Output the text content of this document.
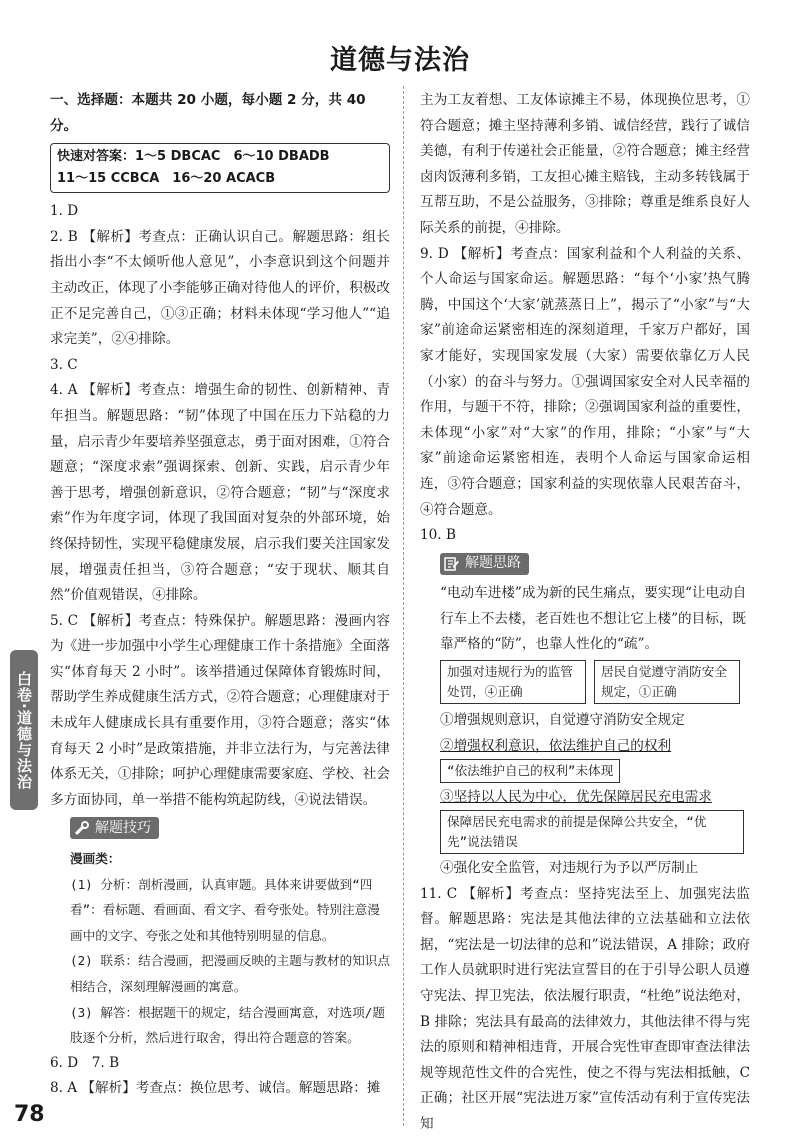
道德与法治
一、选择题：本题共 20 小题，每小题 2 分，共 40 分。
快速对答案：1～5 DBCAC　6～10 DBADB
11～15 CCBCA　16～20 ACACB

1. D

2. B 【解析】考查点：正确认识自己。解题思路：组长指出小李“不太倾听他人意见”，小李意识到这个问题并主动改正，体现了小李能够正确对待他人的评价，积极改正不足完善自己，①③正确；材料未体现“学习他人”“追求完美”，②④排除。

3. C

4. A 【解析】考查点：增强生命的韧性、创新精神、青年担当。解题思路：“韧”体现了中国在压力下站稳的力量，启示青少年要培养坚强意志，勇于面对困难，①符合题意；“深度求索”强调探索、创新、实践，启示青少年善于思考，增强创新意识，②符合题意；“韧”与“深度求索”作为年度字词，体现了我国面对复杂的外部环境，始终保持韧性，实现平稳健康发展，启示我们要关注国家发展，增强责任担当，③符合题意；“安于现状、顺其自然”价值观错误，④排除。

5. C 【解析】考查点：特殊保护。解题思路：漫画内容为《进一步加强中小学生心理健康工作十条措施》全面落实“体育每天 2 小时”。该举措通过保障体育锻炼时间，帮助学生养成健康生活方式，②符合题意；心理健康对于未成年人健康成长具有重要作用，③符合题意；落实“体育每天 2 小时”是政策措施，并非立法行为，与完善法律体系无关，①排除；呵护心理健康需要家庭、学校、社会多方面协同，单一举措不能构筑起防线，④说法错误。

解题技巧

漫画类：

(1) 分析：剖析漫画，认真审题。具体来讲要做到“四看”：看标题、看画面、看文字、看夸张处。特别注意漫画中的文字、夸张之处和其他特别明显的信息。

(2) 联系：结合漫画，把漫画反映的主题与教材的知识点相结合，深刻理解漫画的寓意。

(3) 解答：根据题干的规定，结合漫画寓意，对选项/题肢逐个分析，然后进行取舍，得出符合题意的答案。

6. D　7. B

8. A 【解析】考查点：换位思考、诚信。解题思路：摊

主为工友着想、工友体谅摊主不易，体现换位思考，①符合题意；摊主坚持薄利多销、诚信经营，践行了诚信美德，有利于传递社会正能量，②符合题意；摊主经营卤肉饭薄利多销，工友担心摊主赔钱，主动多转钱属于互帮互助，不是公益服务，③排除；尊重是维系良好人际关系的前提，④排除。

9. D 【解析】考查点：国家利益和个人利益的关系、个人命运与国家命运。解题思路：“每个‘小家’热气腾腾，中国这个‘大家’就蒸蒸日上”，揭示了“小家”与“大家”前途命运紧密相连的深刻道理，千家万户都好，国家才能好，实现国家发展（大家）需要依靠亿万人民（小家）的奋斗与努力。①强调国家安全对人民幸福的作用，与题干不符，排除；②强调国家利益的重要性，未体现“小家”对“大家”的作用，排除；“小家”与“大家”前途命运紧密相连，表明个人命运与国家命运相连，③符合题意；国家利益的实现依靠人民艰苦奋斗，④符合题意。

10. B

解题思路
“电动车进楼”成为新的民生痛点，要实现“让电动自行车上不去楼，老百姓也不想让它上楼”的目标，既靠严格的“防”，也靠人性化的“疏”。
加强对违规行为的监管处罚，④正确
居民自觉遵守消防安全规定，①正确
①增强规则意识，自觉遵守消防安全规定
②增强权利意识，依法维护自己的权利
“依法维护自己的权利”未体现
③坚持以人民为中心，优先保障居民充电需求
保障居民充电需求的前提是保障公共安全，“优先”说法错误
④强化安全监管，对违规行为予以严厉制止

11. C 【解析】考查点：坚持宪法至上、加强宪法监督。解题思路：宪法是其他法律的立法基础和立法依据，“宪法是一切法律的总和”说法错误，A 排除；政府工作人员就职时进行宪法宣誓目的在于引导公职人员遵守宪法、捍卫宪法，依法履行职责，“杜绝”说法绝对，B 排除；宪法具有最高的法律效力，其他法律不得与宪法的原则和精神相违背，开展合宪性审查即审查法律法规等规范性文件的合宪性，使之不得与宪法相抵触，C 正确；社区开展“宪法进万家”宣传活动有利于宣传宪法知

白卷·道德与法治
78
